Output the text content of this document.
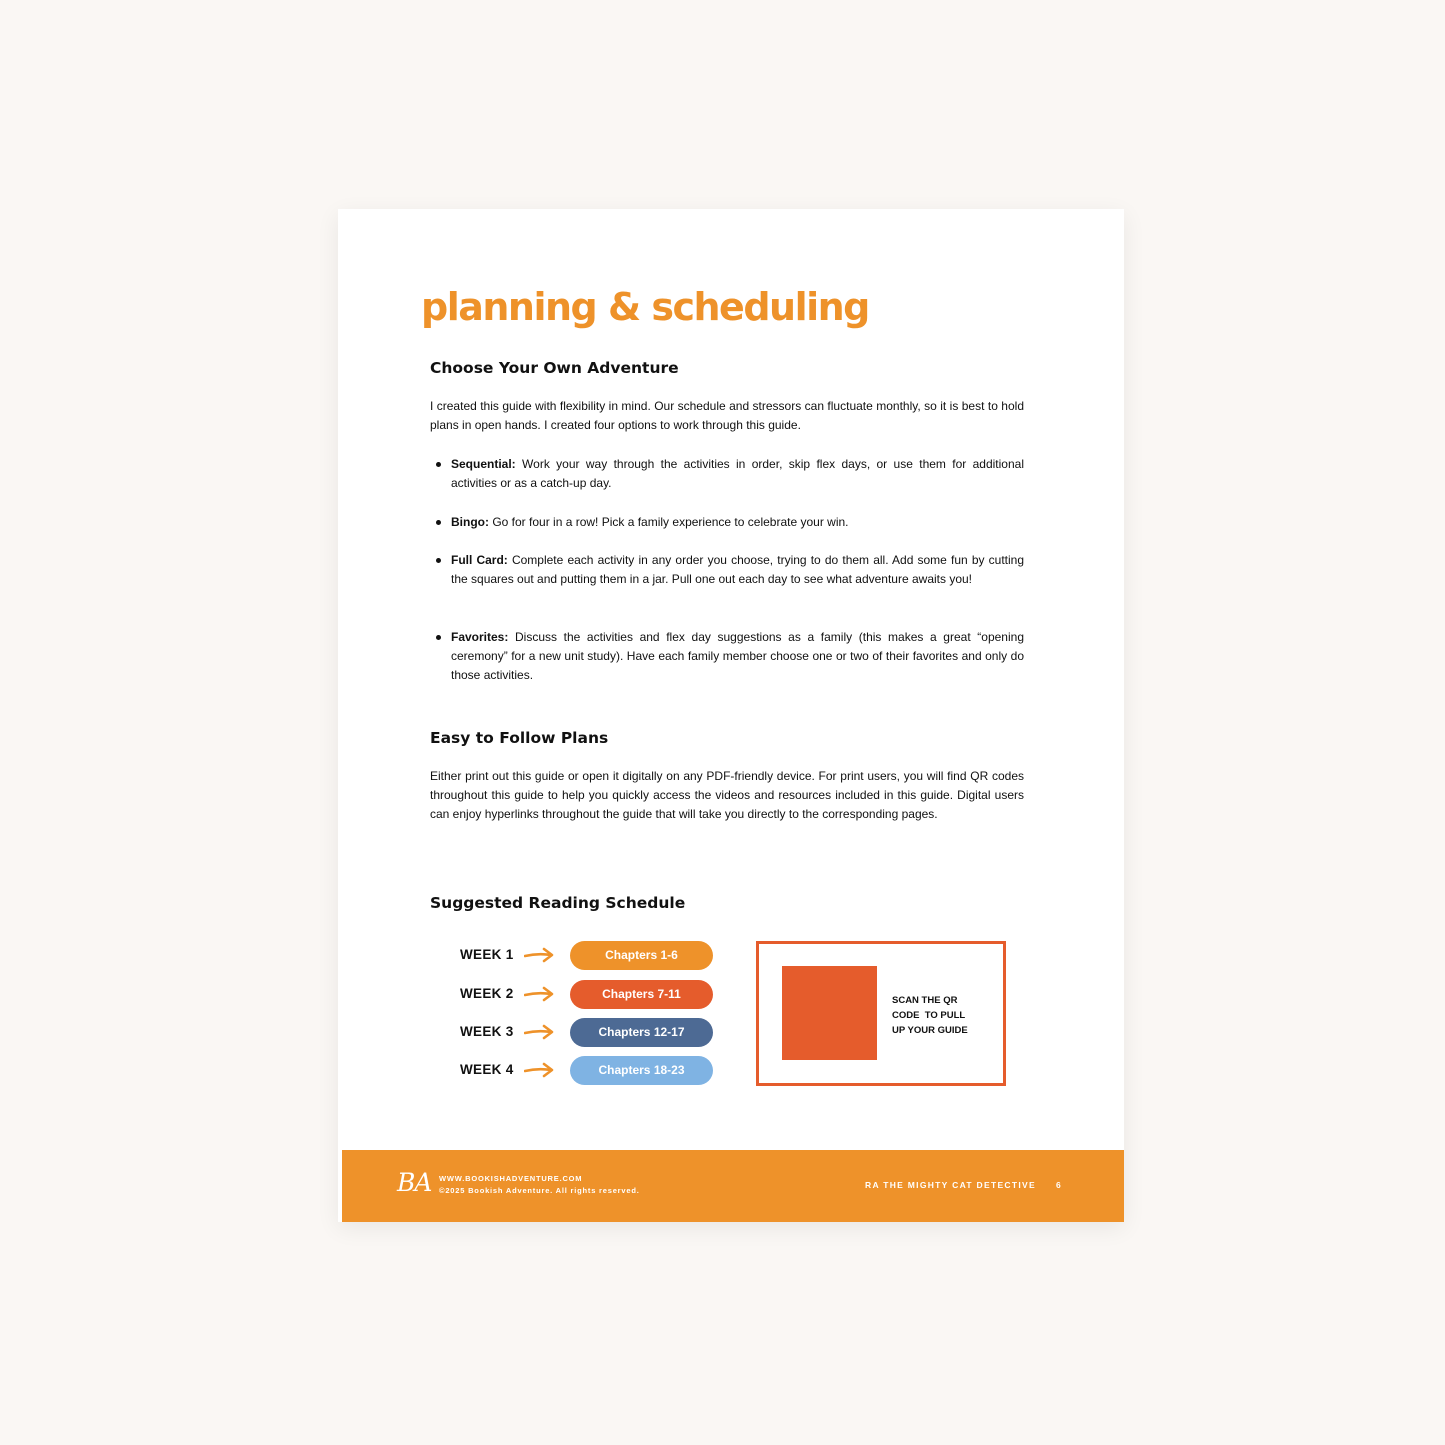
planning & scheduling
Choose Your Own Adventure

I created this guide with flexibility in mind. Our schedule and stressors can fluctuate monthly, so it is best to hold plans in open hands. I created four options to work through this guide.

Sequential: Work your way through the activities in order, skip flex days, or use them for additional activities or as a catch-up day.

Bingo: Go for four in a row! Pick a family experience to celebrate your win.

Full Card: Complete each activity in any order you choose, trying to do them all. Add some fun by cutting the squares out and putting them in a jar. Pull one out each day to see what adventure awaits you!

Favorites: Discuss the activities and flex day suggestions as a family (this makes a great “opening ceremony” for a new unit study). Have each family member choose one or two of their favorites and only do those activities.

Easy to Follow Plans

Either print out this guide or open it digitally on any PDF-friendly device. For print users, you will find QR codes throughout this guide to help you quickly access the videos and resources included in this guide. Digital users can enjoy hyperlinks throughout the guide that will take you directly to the corresponding pages.

Suggested Reading Schedule
WEEK 1	Chapters 1-6
WEEK 2	Chapters 7-11
WEEK 3	Chapters 12-17
WEEK 4	Chapters 18-23
SCAN THE QR
CODE  TO PULL
UP YOUR GUIDE
BA WWW.BOOKISHADVENTURE.COM
©2025 Bookish Adventure. All rights reserved.
RA THE MIGHTY CAT DETECTIVE 6
